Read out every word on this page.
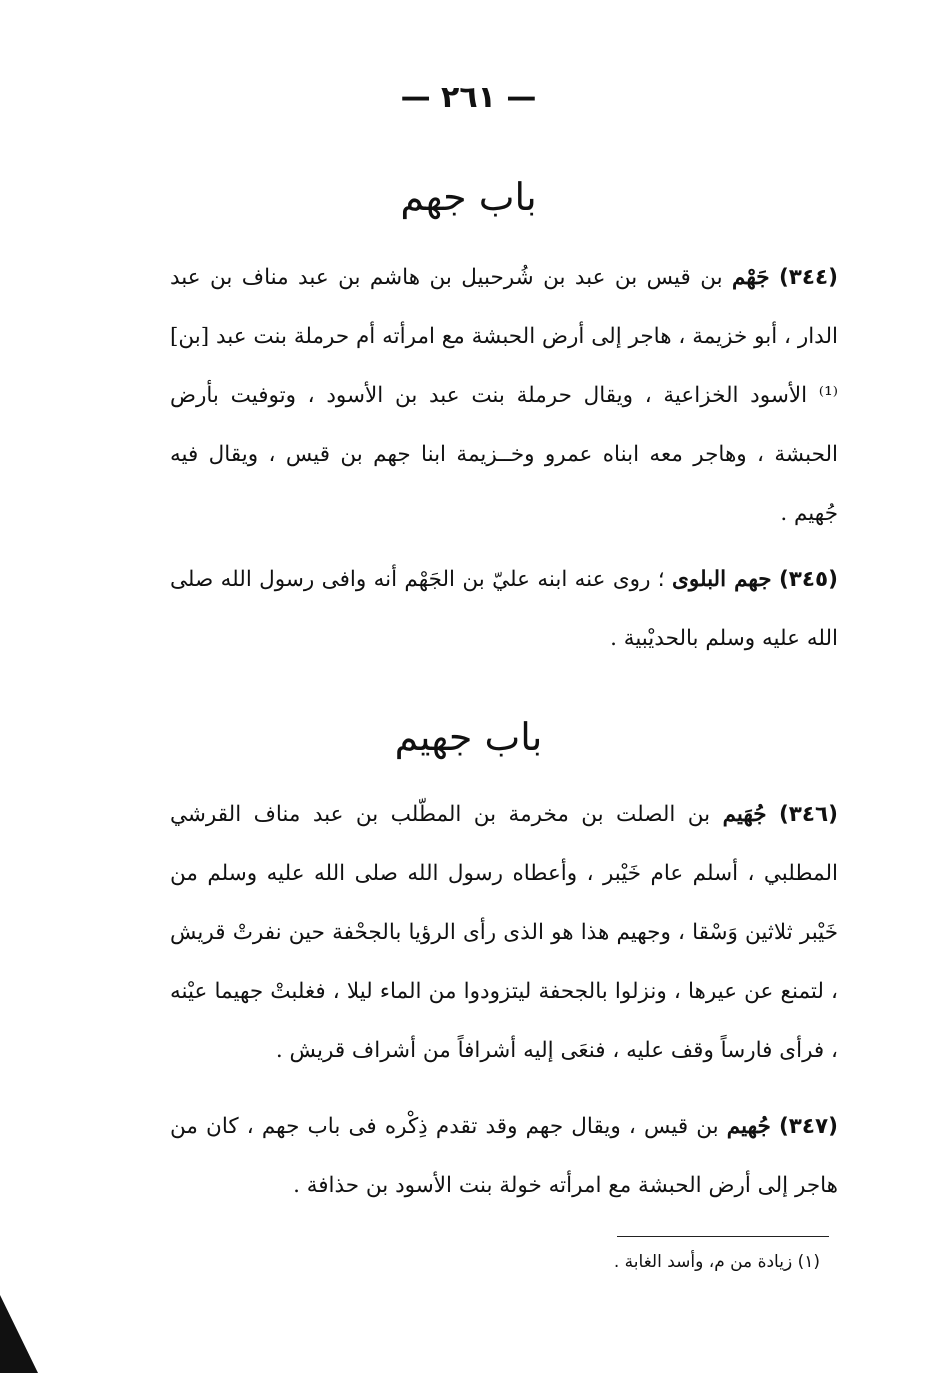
— ٢٦١ —
باب جهم
(٣٤٤) جَهْم بن قيس بن عبد بن شُرحبيل بن هاشم بن عبد مناف بن عبد الدار ، أبو خزيمة ، هاجر إلى أرض الحبشة مع امرأته أم حرملة بنت عبد [بن]⁽¹⁾ الأسود الخزاعية ، ويقال حرملة بنت عبد بن الأسود ، وتوفيت بأرض الحبشة ، وهاجر معه ابناه عمرو وخــزيمة ابنا جهم بن قيس ، ويقال فيه جُهيم .
(٣٤٥) جهم البلوى ؛ روى عنه ابنه عليّ بن الجَهْم أنه وافى رسول الله صلى الله عليه وسلم بالحديْبية .
باب جهيم
(٣٤٦) جُهَيم بن الصلت بن مخرمة بن المطّلب بن عبد مناف القرشي المطلبي ، أسلم عام خَيْبر ، وأعطاه رسول الله صلى الله عليه وسلم من خَيْبر ثلاثين وَسْقا ، وجهيم هذا هو الذى رأى الرؤيا بالجحْفة حين نفرتْ قريش ، لتمنع عن عيرها ، ونزلوا بالجحفة ليتزودوا من الماء ليلا ، فغلبتْ جهيما عيْنه ، فرأى فارساً وقف عليه ، فنعَى إليه أشرافاً من أشراف قريش .
(٣٤٧) جُهيم بن قيس ، ويقال جهم وقد تقدم ذِكْره فى باب جهم ، كان من هاجر إلى أرض الحبشة مع امرأته خولة بنت الأسود بن حذافة .
(١) زيادة من م، وأسد الغابة .
